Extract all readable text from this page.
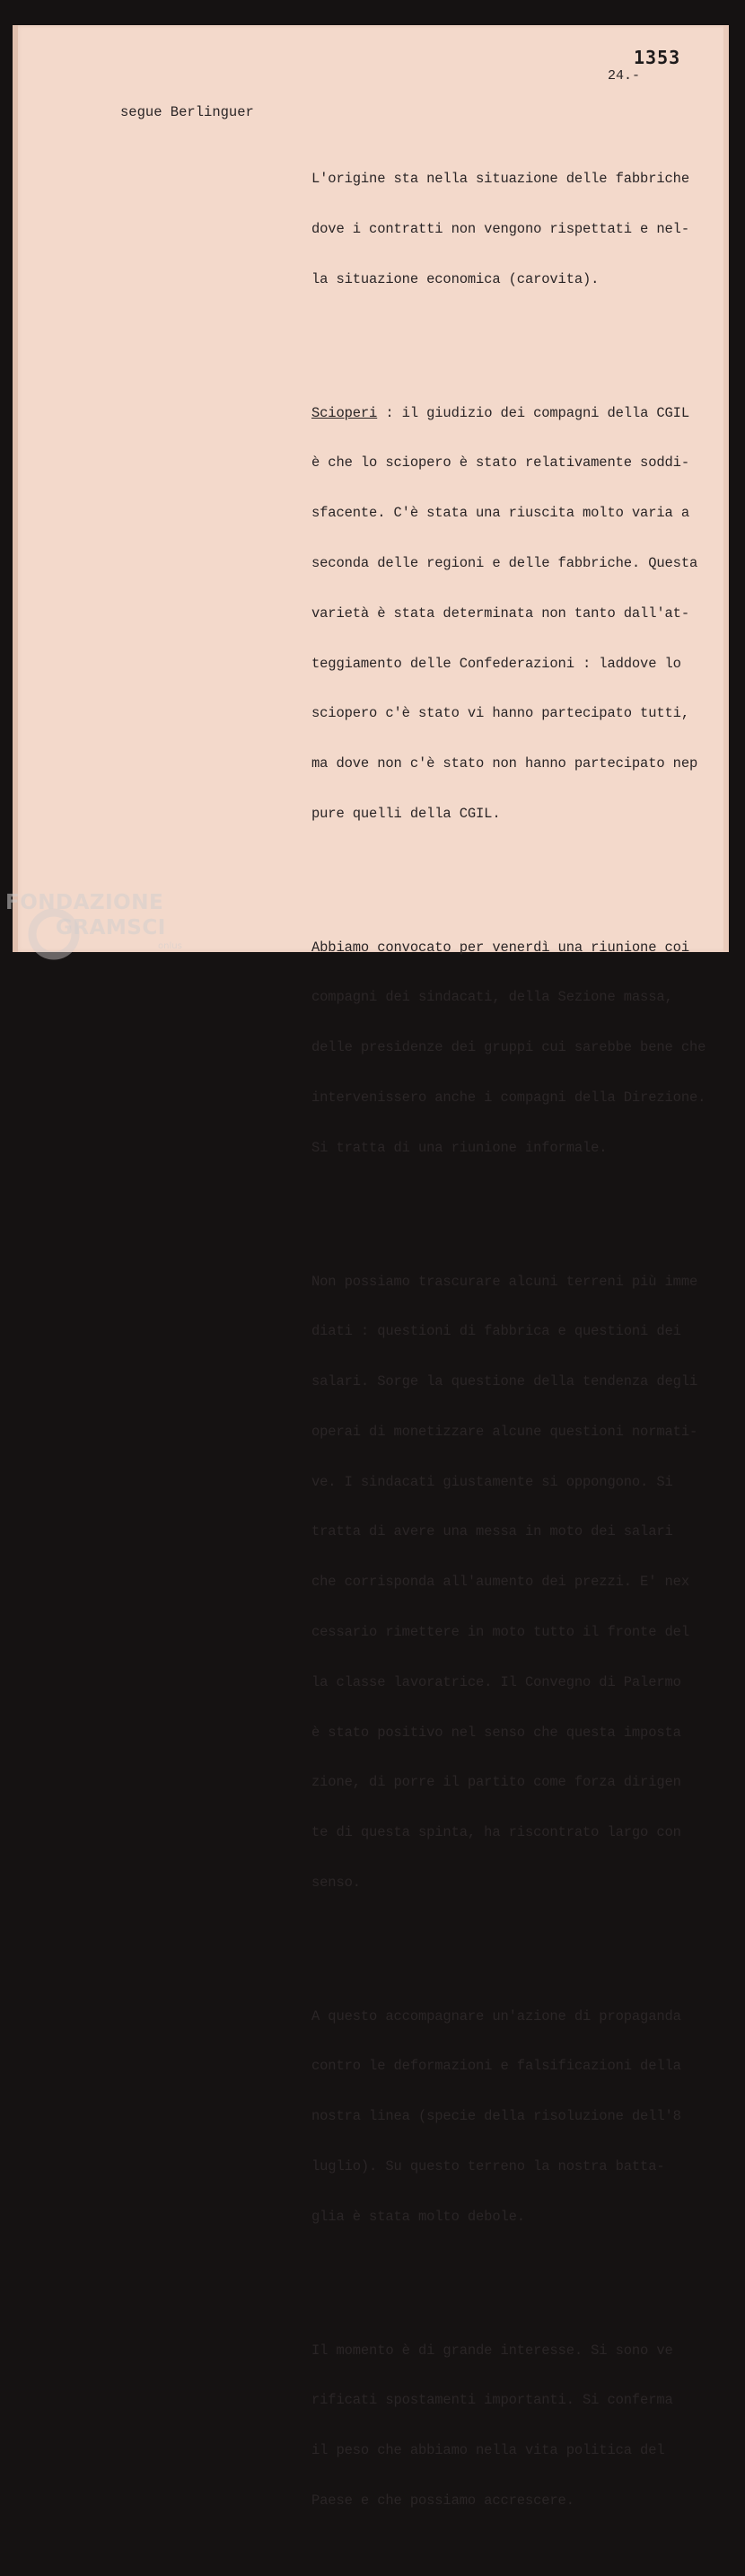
1353
24.-
segue Berlinguer

L'origine sta nella situazione delle fabbriche

dove i contratti non vengono rispettati e nel-

la situazione economica (carovita).

Scioperi : il giudizio dei compagni della CGIL

è che lo sciopero è stato relativamente soddi-

sfacente. C'è stata una riuscita molto varia a

seconda delle regioni e delle fabbriche. Questa

varietà è stata determinata non tanto dall'at-

teggiamento delle Confederazioni : laddove lo

sciopero c'è stato vi hanno partecipato tutti,

ma dove non c'è stato non hanno partecipato nep

pure quelli della CGIL.

Abbiamo convocato per venerdì una riunione coi

compagni dei sindacati, della Sezione massa,

delle presidenze dei gruppi cui sarebbe bene che

intervenissero anche i compagni della Direzione.

Si tratta di una riunione informale.

Non possiamo trascurare alcuni terreni più imme

diati : questioni di fabbrica e questioni dei

salari. Sorge la questione della tendenza degli

operai di monetizzare alcune questioni normati-

ve. I sindacati giustamente si oppongono. Si

tratta di avere una messa in moto dei salari

che corrisponda all'aumento dei prezzi. E' nex

cessario rimettere in moto tutto il fronte del

la classe lavoratrice. Il Convegno di Palermo

è stato positivo nel senso che questa imposta

zione, di porre il partito come forza dirigen

te di questa spinta, ha riscontrato largo con

senso.

A questo accompagnare un'azione di propaganda

contro le deformazioni e falsificazioni della

nostra linea (specie della risoluzione dell'8

luglio). Su questo terreno la nostra batta-

glia è stata molto debole.

Il momento è di grande interesse. Si sono ve

rificati spostamenti importanti. Si conferma

il peso che abbiamo nella vita politica del

Paese e che possiamo accrescere.

FONDAZIONE
GRAMSCI
onlus
